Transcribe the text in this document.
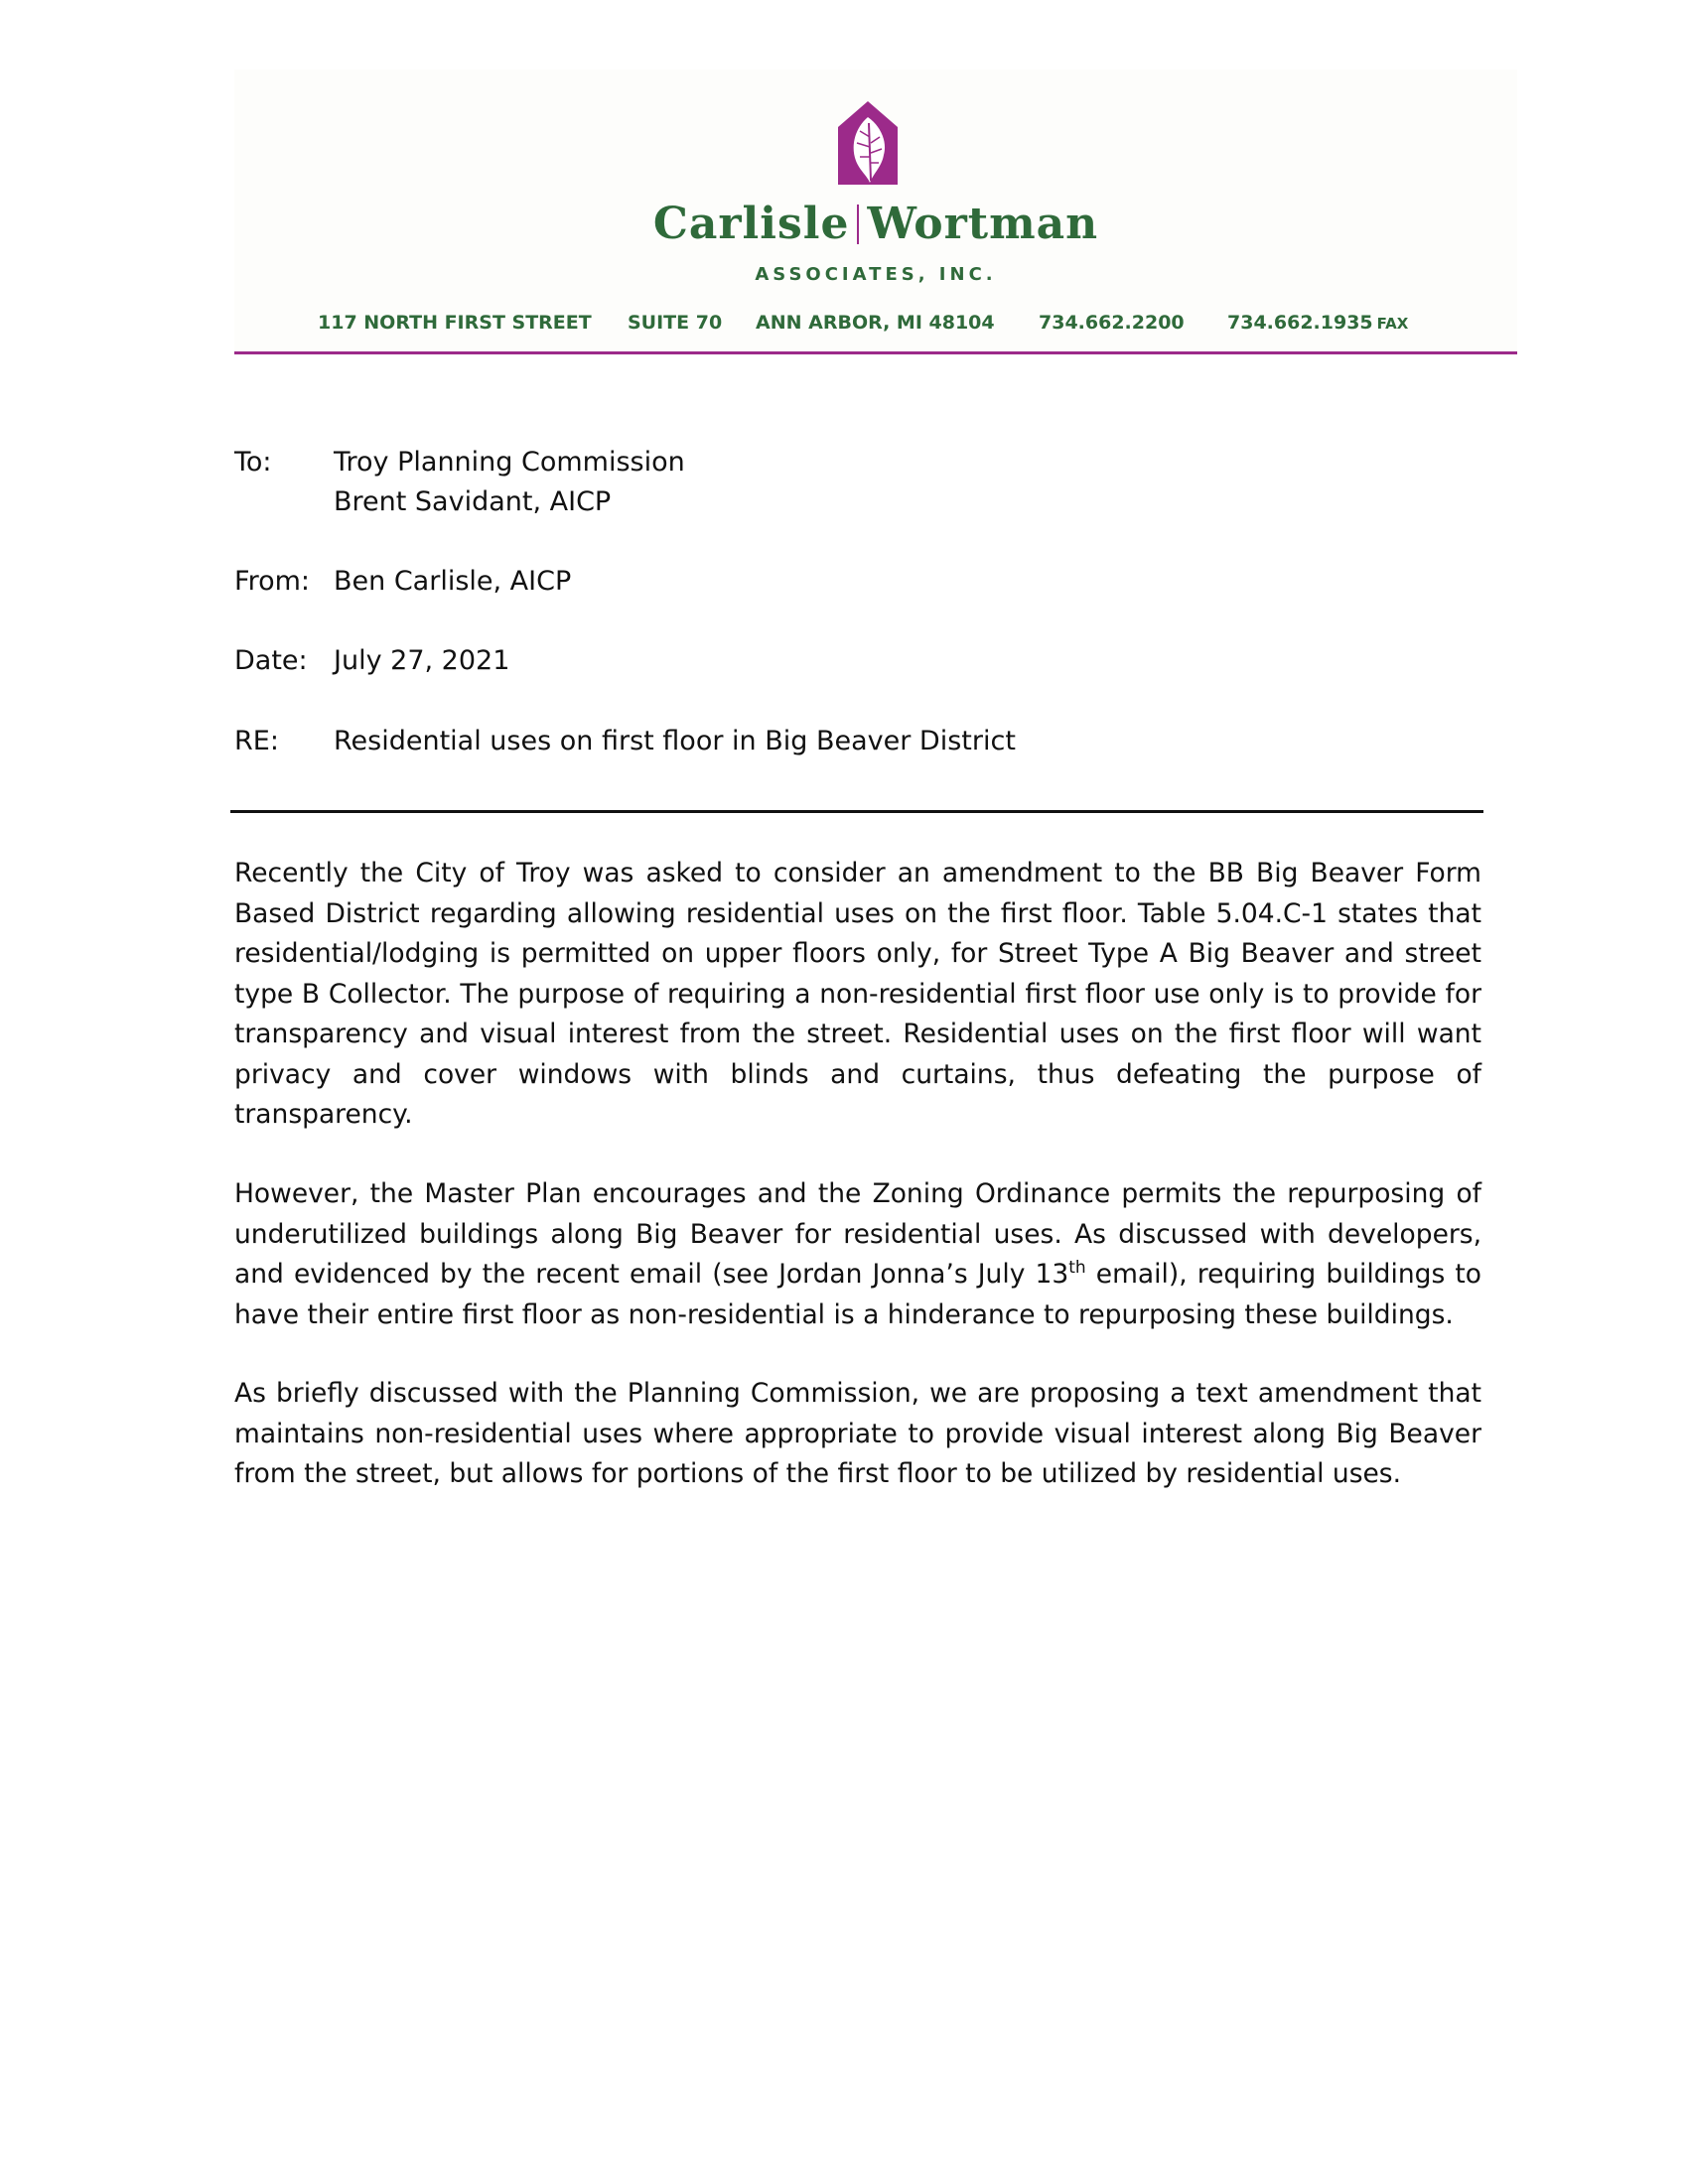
Carlisle Wortman
ASSOCIATES, INC.
117 NORTH FIRST STREET SUITE 70 ANN ARBOR, MI 48104 734.662.2200 734.662.1935 FAX
To: Troy Planning Commission
Brent Savidant, AICP
From: Ben Carlisle, AICP
Date: July 27, 2021
RE: Residential uses on first floor in Big Beaver District

Recently the City of Troy was asked to consider an amendment to the BB Big Beaver Form Based District regarding allowing residential uses on the first floor. Table 5.04.C-1 states that residential/lodging is permitted on upper floors only, for Street Type A Big Beaver and street type B Collector. The purpose of requiring a non-residential first floor use only is to provide for transparency and visual interest from the street. Residential uses on the first floor will want privacy and cover windows with blinds and curtains, thus defeating the purpose of transparency.

However, the Master Plan encourages and the Zoning Ordinance permits the repurposing of underutilized buildings along Big Beaver for residential uses. As discussed with developers, and evidenced by the recent email (see Jordan Jonna’s July 13th email), requiring buildings to have their entire first floor as non-residential is a hinderance to repurposing these buildings.

As briefly discussed with the Planning Commission, we are proposing a text amendment that maintains non-residential uses where appropriate to provide visual interest along Big Beaver from the street, but allows for portions of the first floor to be utilized by residential uses.
